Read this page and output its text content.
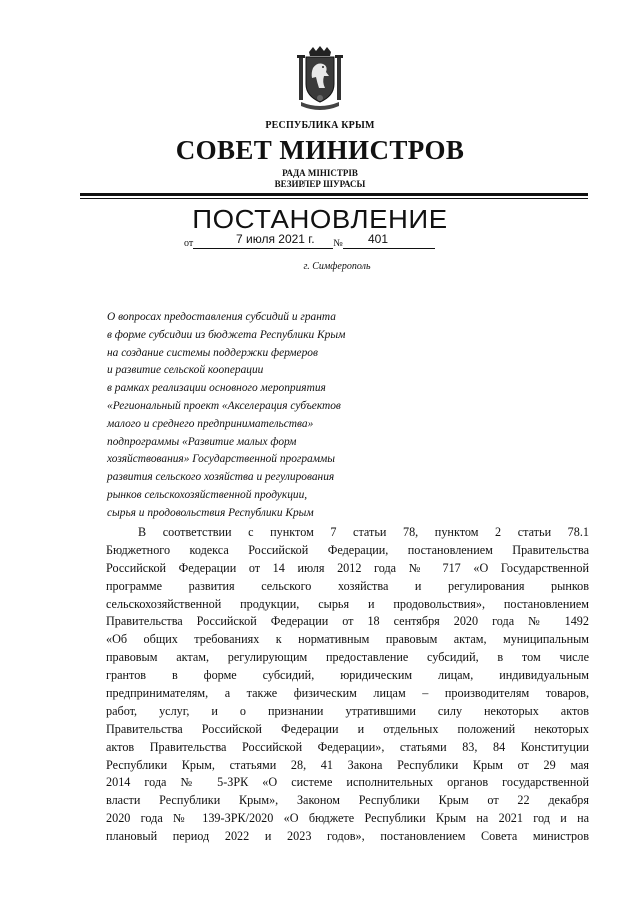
РЕСПУБЛИКА КРЫМ
СОВЕТ МИНИСТРОВ
РАДА МІНІСТРІВ
ВЕЗИРЛЕР ШУРАСЫ
ПОСТАНОВЛЕНИЕ
от	№
7 июля 2021 г.	401
г. Симферополь
О вопросах предоставления субсидий и гранта
в форме субсидии из бюджета Республики Крым
на создание системы поддержки фермеров
и развитие сельской кооперации
в рамках реализации основного мероприятия
«Региональный проект «Акселерация субъектов
малого и среднего предпринимательства»
подпрограммы «Развитие малых форм
хозяйствования» Государственной программы
развития сельского хозяйства и регулирования
рынков сельскохозяйственной продукции,
сырья и продовольствия Республики Крым
В соответствии с пунктом 7 статьи 78, пунктом 2 статьи 78.1
Бюджетного кодекса Российской Федерации, постановлением Правительства
Российской Федерации от 14 июля 2012 года № 717 «О Государственной
программе развития сельского хозяйства и регулирования рынков
сельскохозяйственной продукции, сырья и продовольствия», постановлением
Правительства Российской Федерации от 18 сентября 2020 года № 1492
«Об общих требованиях к нормативным правовым актам, муниципальным
правовым актам, регулирующим предоставление субсидий, в том числе
грантов в форме субсидий, юридическим лицам, индивидуальным
предпринимателям, а также физическим лицам – производителям товаров,
работ, услуг, и о признании утратившими силу некоторых актов
Правительства Российской Федерации и отдельных положений некоторых
актов Правительства Российской Федерации», статьями 83, 84 Конституции
Республики Крым, статьями 28, 41 Закона Республики Крым от 29 мая
2014 года № 5-ЗРК «О системе исполнительных органов государственной
власти Республики Крым», Законом Республики Крым от 22 декабря
2020 года № 139-ЗРК/2020 «О бюджете Республики Крым на 2021 год и на
плановый период 2022 и 2023 годов», постановлением Совета министров
